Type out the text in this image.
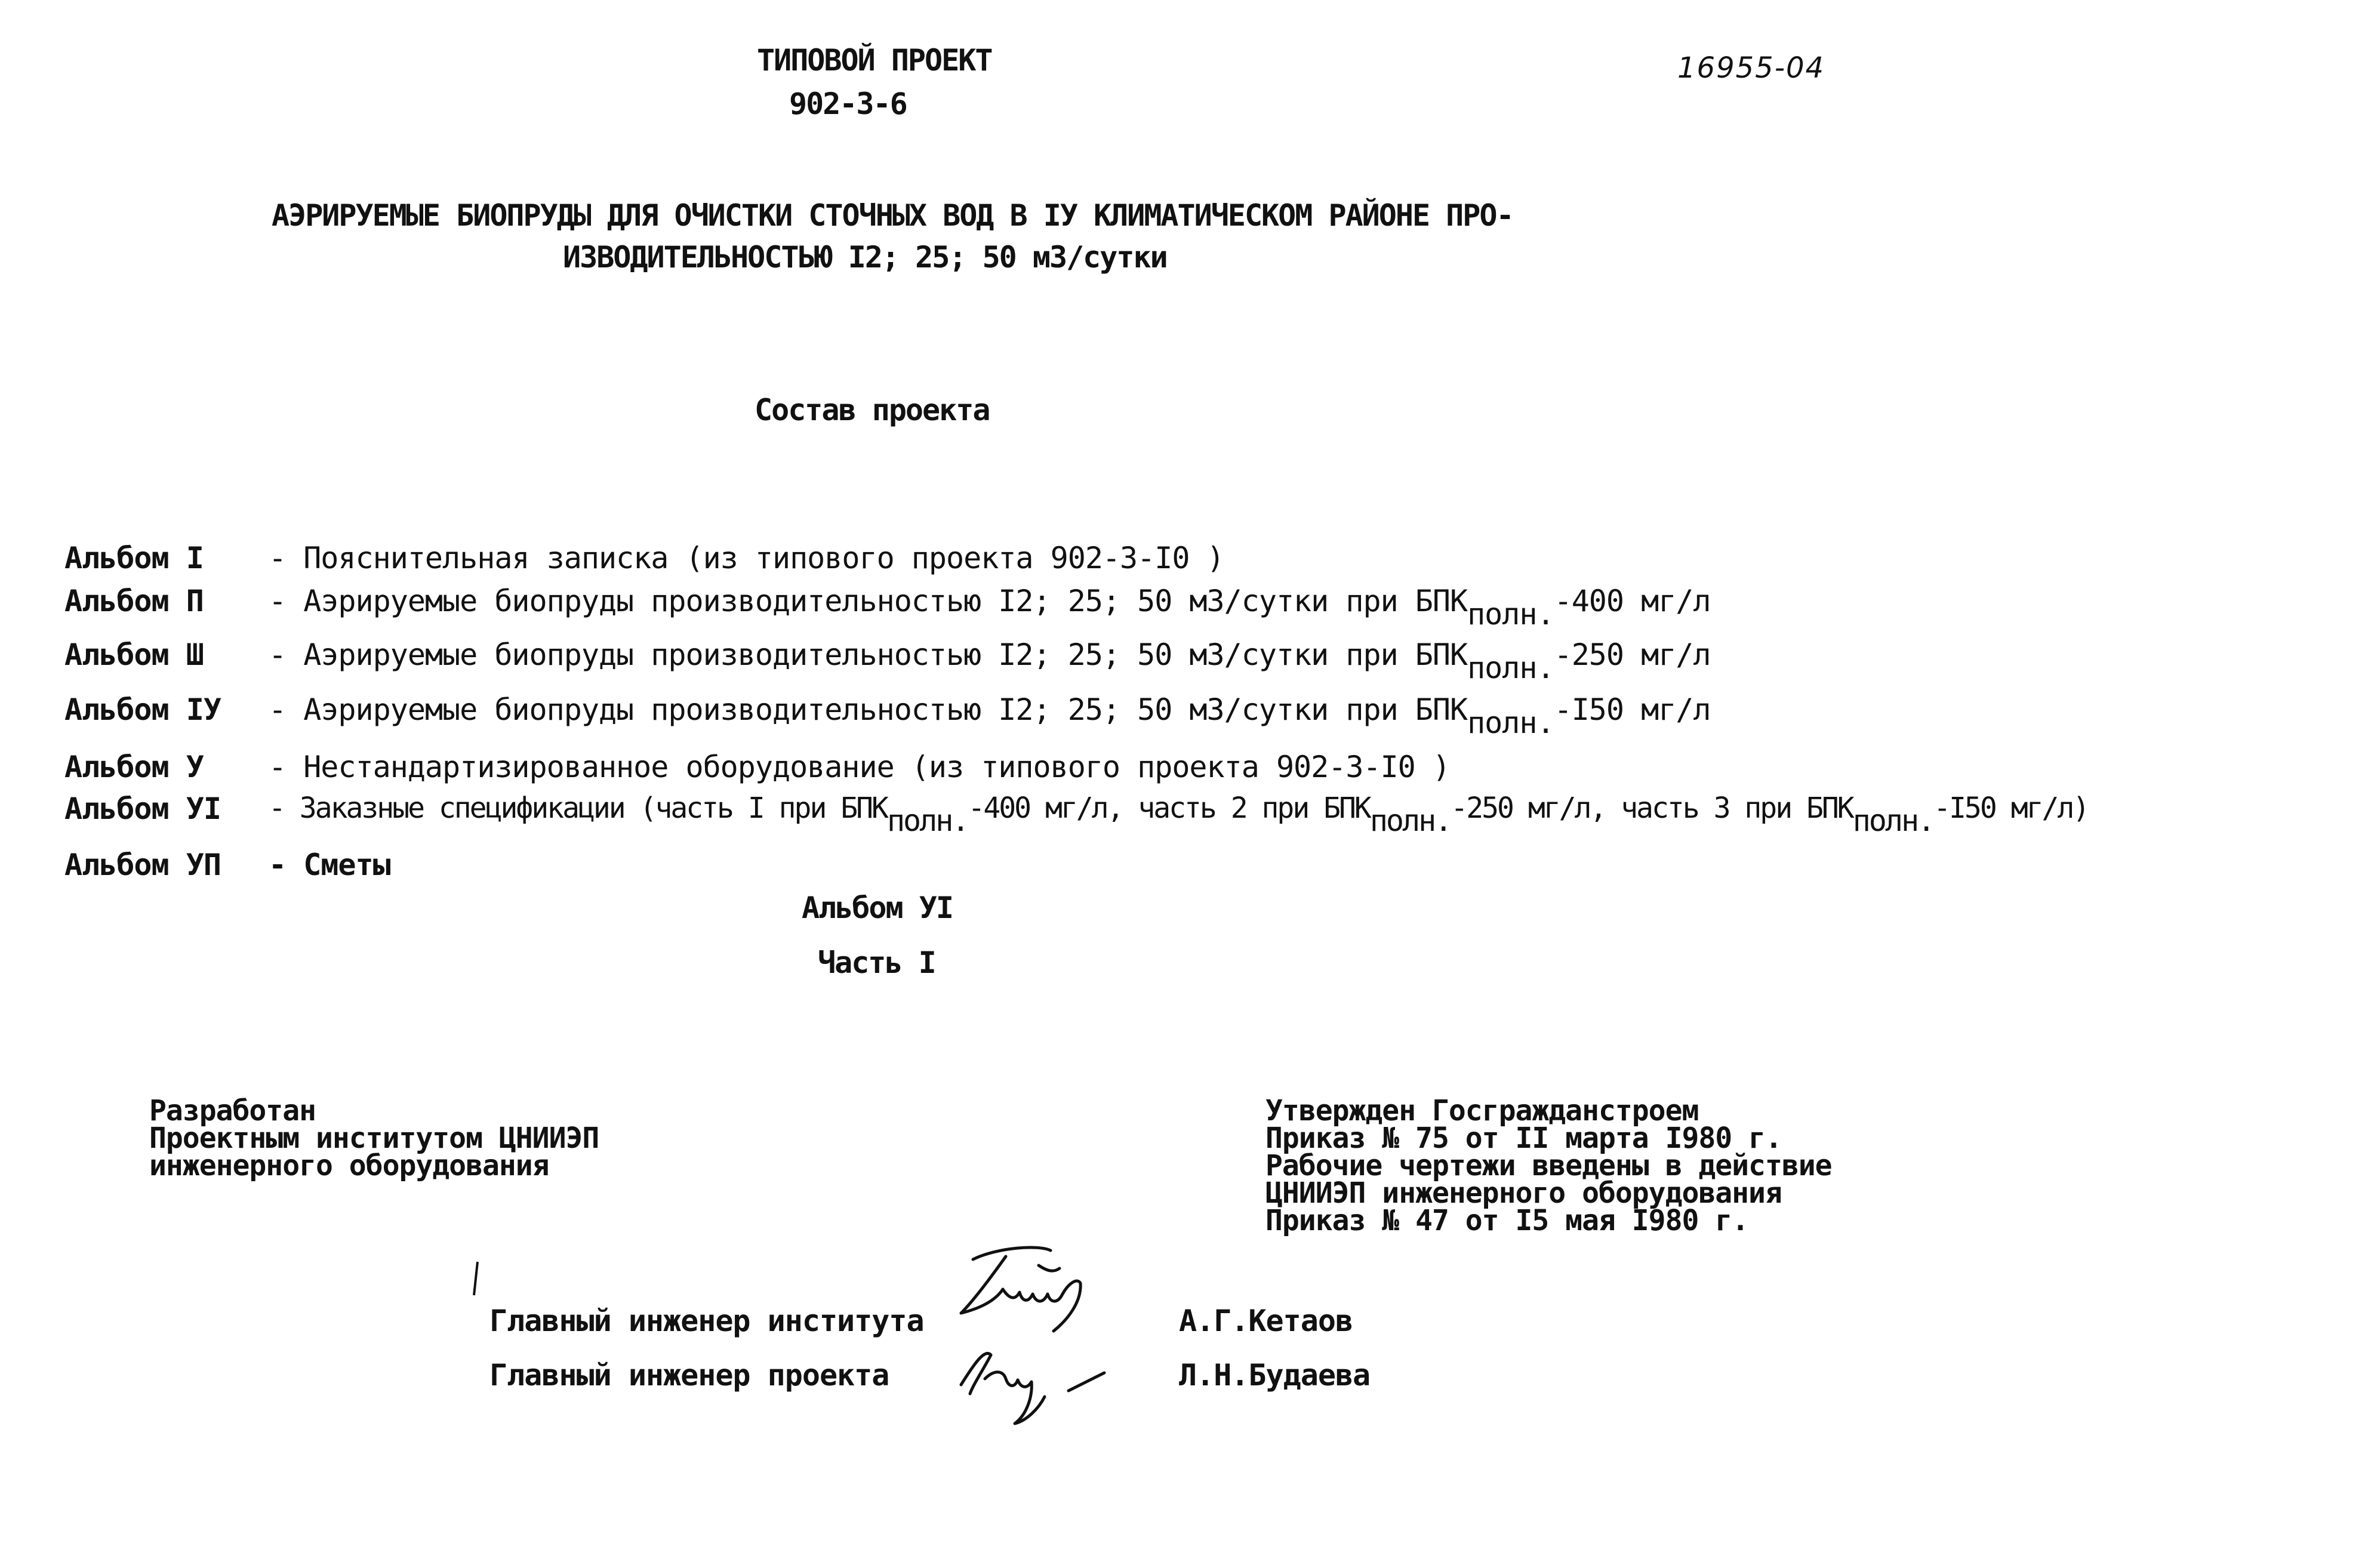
ТИПОВОЙ ПРОЕКТ
902-3-6
16955-04
АЭРИРУЕМЫЕ БИОПРУДЫ ДЛЯ ОЧИСТКИ СТОЧНЫХ ВОД В IУ КЛИМАТИЧЕСКОМ РАЙОНЕ ПРО-
ИЗВОДИТЕЛЬНОСТЬЮ I2; 25; 50 м3/сутки
Состав проекта
Альбом I - Пояснительная записка (из типового проекта 902-3-I0 )
Альбом П - Аэрируемые биопруды производительностью I2; 25; 50 м3/сутки при $БПК_{полн.}-400$ мг/л
Альбом Ш - Аэрируемые биопруды производительностью I2; 25; 50 м3/сутки при $БПК_{полн.}-250$ мг/л
Альбом IУ - Аэрируемые биопруды производительностью I2; 25; 50 м3/сутки при $БПК_{полн.}-I50$ мг/л
Альбом У - Нестандартизированное оборудование (из типового проекта 902-3-I0 )
Альбом УI - Заказные спецификации (часть I при $БПК_{полн.}-400$ мг/л, часть 2 при $БПК_{полн.}-250$ мг/л, часть 3 при $БПК_{полн.}-I50$ мг/л)
Альбом УП - Сметы
Альбом УI
Часть I
Разработан
Проектным институтом ЦНИИЭП
инженерного оборудования
Утвержден Госгражданстроем
Приказ № 75 от II марта I980 г.
Рабочие чертежи введены в действие
ЦНИИЭП инженерного оборудования
Приказ № 47 от I5 мая I980 г.
Главный инженер института	А.Г.Кетаов
Главный инженер проекта	Л.Н.Будаева
